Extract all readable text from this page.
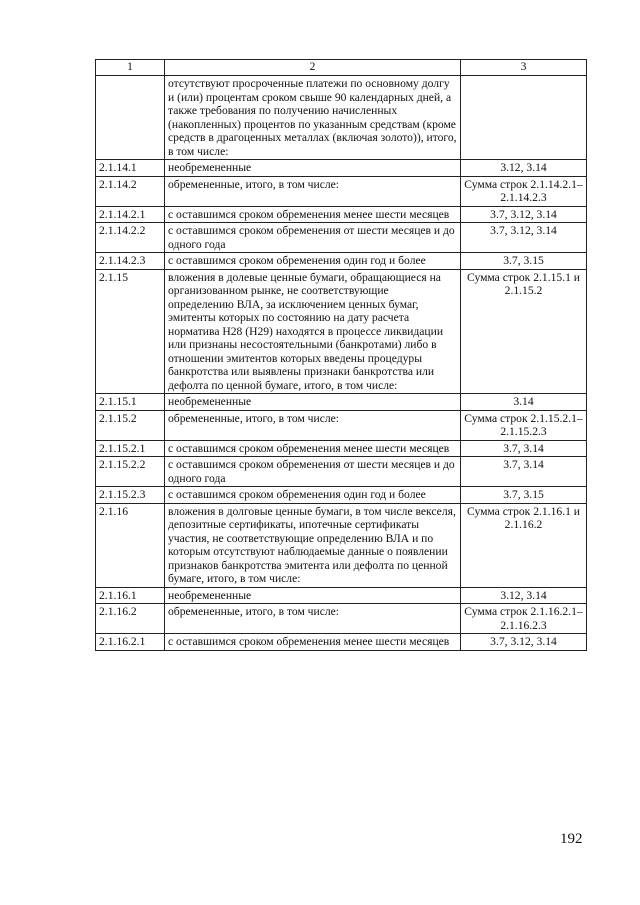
1	2	3
	отсутствуют просроченные платежи по основному долгу и (или) процентам сроком свыше 90 календарных дней, а также требования по получению начисленных (накопленных) процентов по указанным средствам (кроме средств в драгоценных металлах (включая золото)), итого, в том числе:	
2.1.14.1	необремененные	3.12, 3.14
2.1.14.2	обремененные, итого, в том числе:	Сумма строк 2.1.14.2.1– 2.1.14.2.3
2.1.14.2.1	с оставшимся сроком обременения менее шести месяцев	3.7, 3.12, 3.14
2.1.14.2.2	с оставшимся сроком обременения от шести месяцев и до одного года	3.7, 3.12, 3.14
2.1.14.2.3	с оставшимся сроком обременения один год и более	3.7, 3.15
2.1.15	вложения в долевые ценные бумаги, обращающиеся на организованном рынке, не соответствующие определению ВЛА, за исключением ценных бумаг, эмитенты которых по состоянию на дату расчета норматива Н28 (Н29) находятся в процессе ликвидации или признаны несостоятельными (банкротами) либо в отношении эмитентов которых введены процедуры банкротства или выявлены признаки банкротства или дефолта по ценной бумаге, итого, в том числе:	Сумма строк 2.1.15.1 и 2.1.15.2
2.1.15.1	необремененные	3.14
2.1.15.2	обремененные, итого, в том числе:	Сумма строк 2.1.15.2.1– 2.1.15.2.3
2.1.15.2.1	с оставшимся сроком обременения менее шести месяцев	3.7, 3.14
2.1.15.2.2	с оставшимся сроком обременения от шести месяцев и до одного года	3.7, 3.14
2.1.15.2.3	с оставшимся сроком обременения один год и более	3.7, 3.15
2.1.16	вложения в долговые ценные бумаги, в том числе векселя, депозитные сертификаты, ипотечные сертификаты участия, не соответствующие определению ВЛА и по которым отсутствуют наблюдаемые данные о появлении признаков банкротства эмитента или дефолта по ценной бумаге, итого, в том числе:	Сумма строк 2.1.16.1 и 2.1.16.2
2.1.16.1	необремененные	3.12, 3.14
2.1.16.2	обремененные, итого, в том числе:	Сумма строк 2.1.16.2.1– 2.1.16.2.3
2.1.16.2.1	с оставшимся сроком обременения менее шести месяцев	3.7, 3.12, 3.14
192
